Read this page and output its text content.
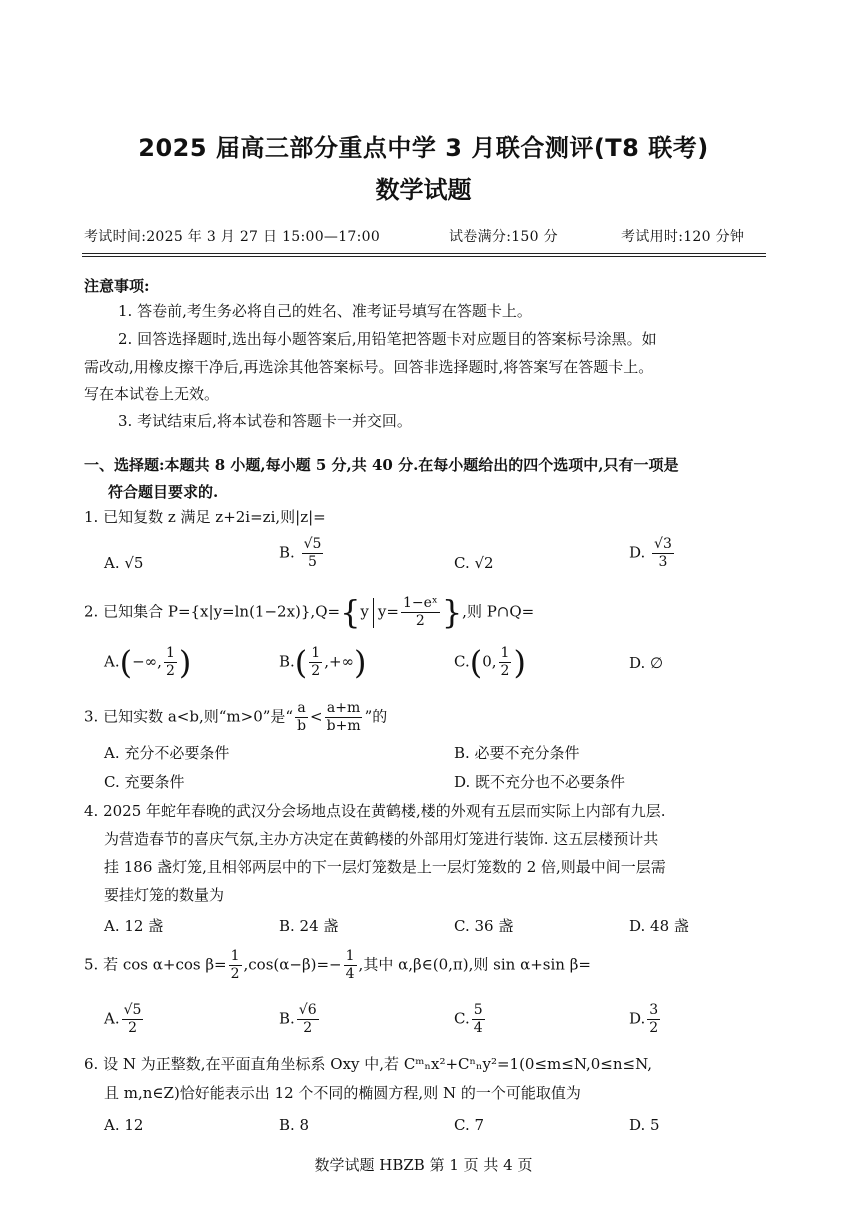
2025 届高三部分重点中学 3 月联合测评(T8 联考)
数学试题
考试时间:2025 年 3 月 27 日 15:00—17:00	试卷满分:150 分	考试用时:120 分钟
注意事项:
1. 答卷前,考生务必将自己的姓名、准考证号填写在答题卡上。
2. 回答选择题时,选出每小题答案后,用铅笔把答题卡对应题目的答案标号涂黑。如
需改动,用橡皮擦干净后,再选涂其他答案标号。回答非选择题时,将答案写在答题卡上。
写在本试卷上无效。
3. 考试结束后,将本试卷和答题卡一并交回。
一、选择题:本题共 8 小题,每小题 5 分,共 40 分.在每小题给出的四个选项中,只有一项是
符合题目要求的.
1. 已知复数 z 满足 z+2i=zi,则|z|=
A. √5
B. $\frac{√5}{5}$	C. √2
D. $\frac{√3}{3}$
2. 已知集合 P={x|y=ln(1−2x)},Q={y $y= \frac{\text{1−eˣ}}{2}$ },则 P∩Q=
A.(−∞, $\frac{1}{2}$ )	$B.( \frac{1}{2}$ ,+∞)	C.(0, $\frac{1}{2}$ )	D. ∅
3. 已知实数 a<b,则“m>0”是“ $\frac{a}{b} < \frac{a+m}{b+m}$ ”的
A. 充分不必要条件	B. 必要不充分条件
C. 充要条件	D. 既不充分也不必要条件
4. 2025 年蛇年春晚的武汉分会场地点设在黄鹤楼,楼的外观有五层而实际上内部有九层.
为营造春节的喜庆气氛,主办方决定在黄鹤楼的外部用灯笼进行装饰. 这五层楼预计共
挂 186 盏灯笼,且相邻两层中的下一层灯笼数是上一层灯笼数的 2 倍,则最中间一层需
要挂灯笼的数量为
A. 12 盏	B. 24 盏	C. 36 盏	D. 48 盏
5. 若 cos α+cos $\beta= \frac{1}{2} ,\cos(\alpha-\beta)=- \frac{1}{4}$ ,其中 α,β∈(0,π),则 sin α+sin β=
A. $\frac{√5}{2}$	B. $\frac{√6}{2}$	C. $\frac{5}{4}$	D. $\frac{3}{2}$
6. 设 N 为正整数,在平面直角坐标系 Oxy 中,若 Cᵐₙx²+Cⁿₙy²=1(0≤m≤N,0≤n≤N,
且 m,n∈Z)恰好能表示出 12 个不同的椭圆方程,则 N 的一个可能取值为
A. 12	B. 8	C. 7	D. 5
数学试题 HBZB 第 1 页 共 4 页
